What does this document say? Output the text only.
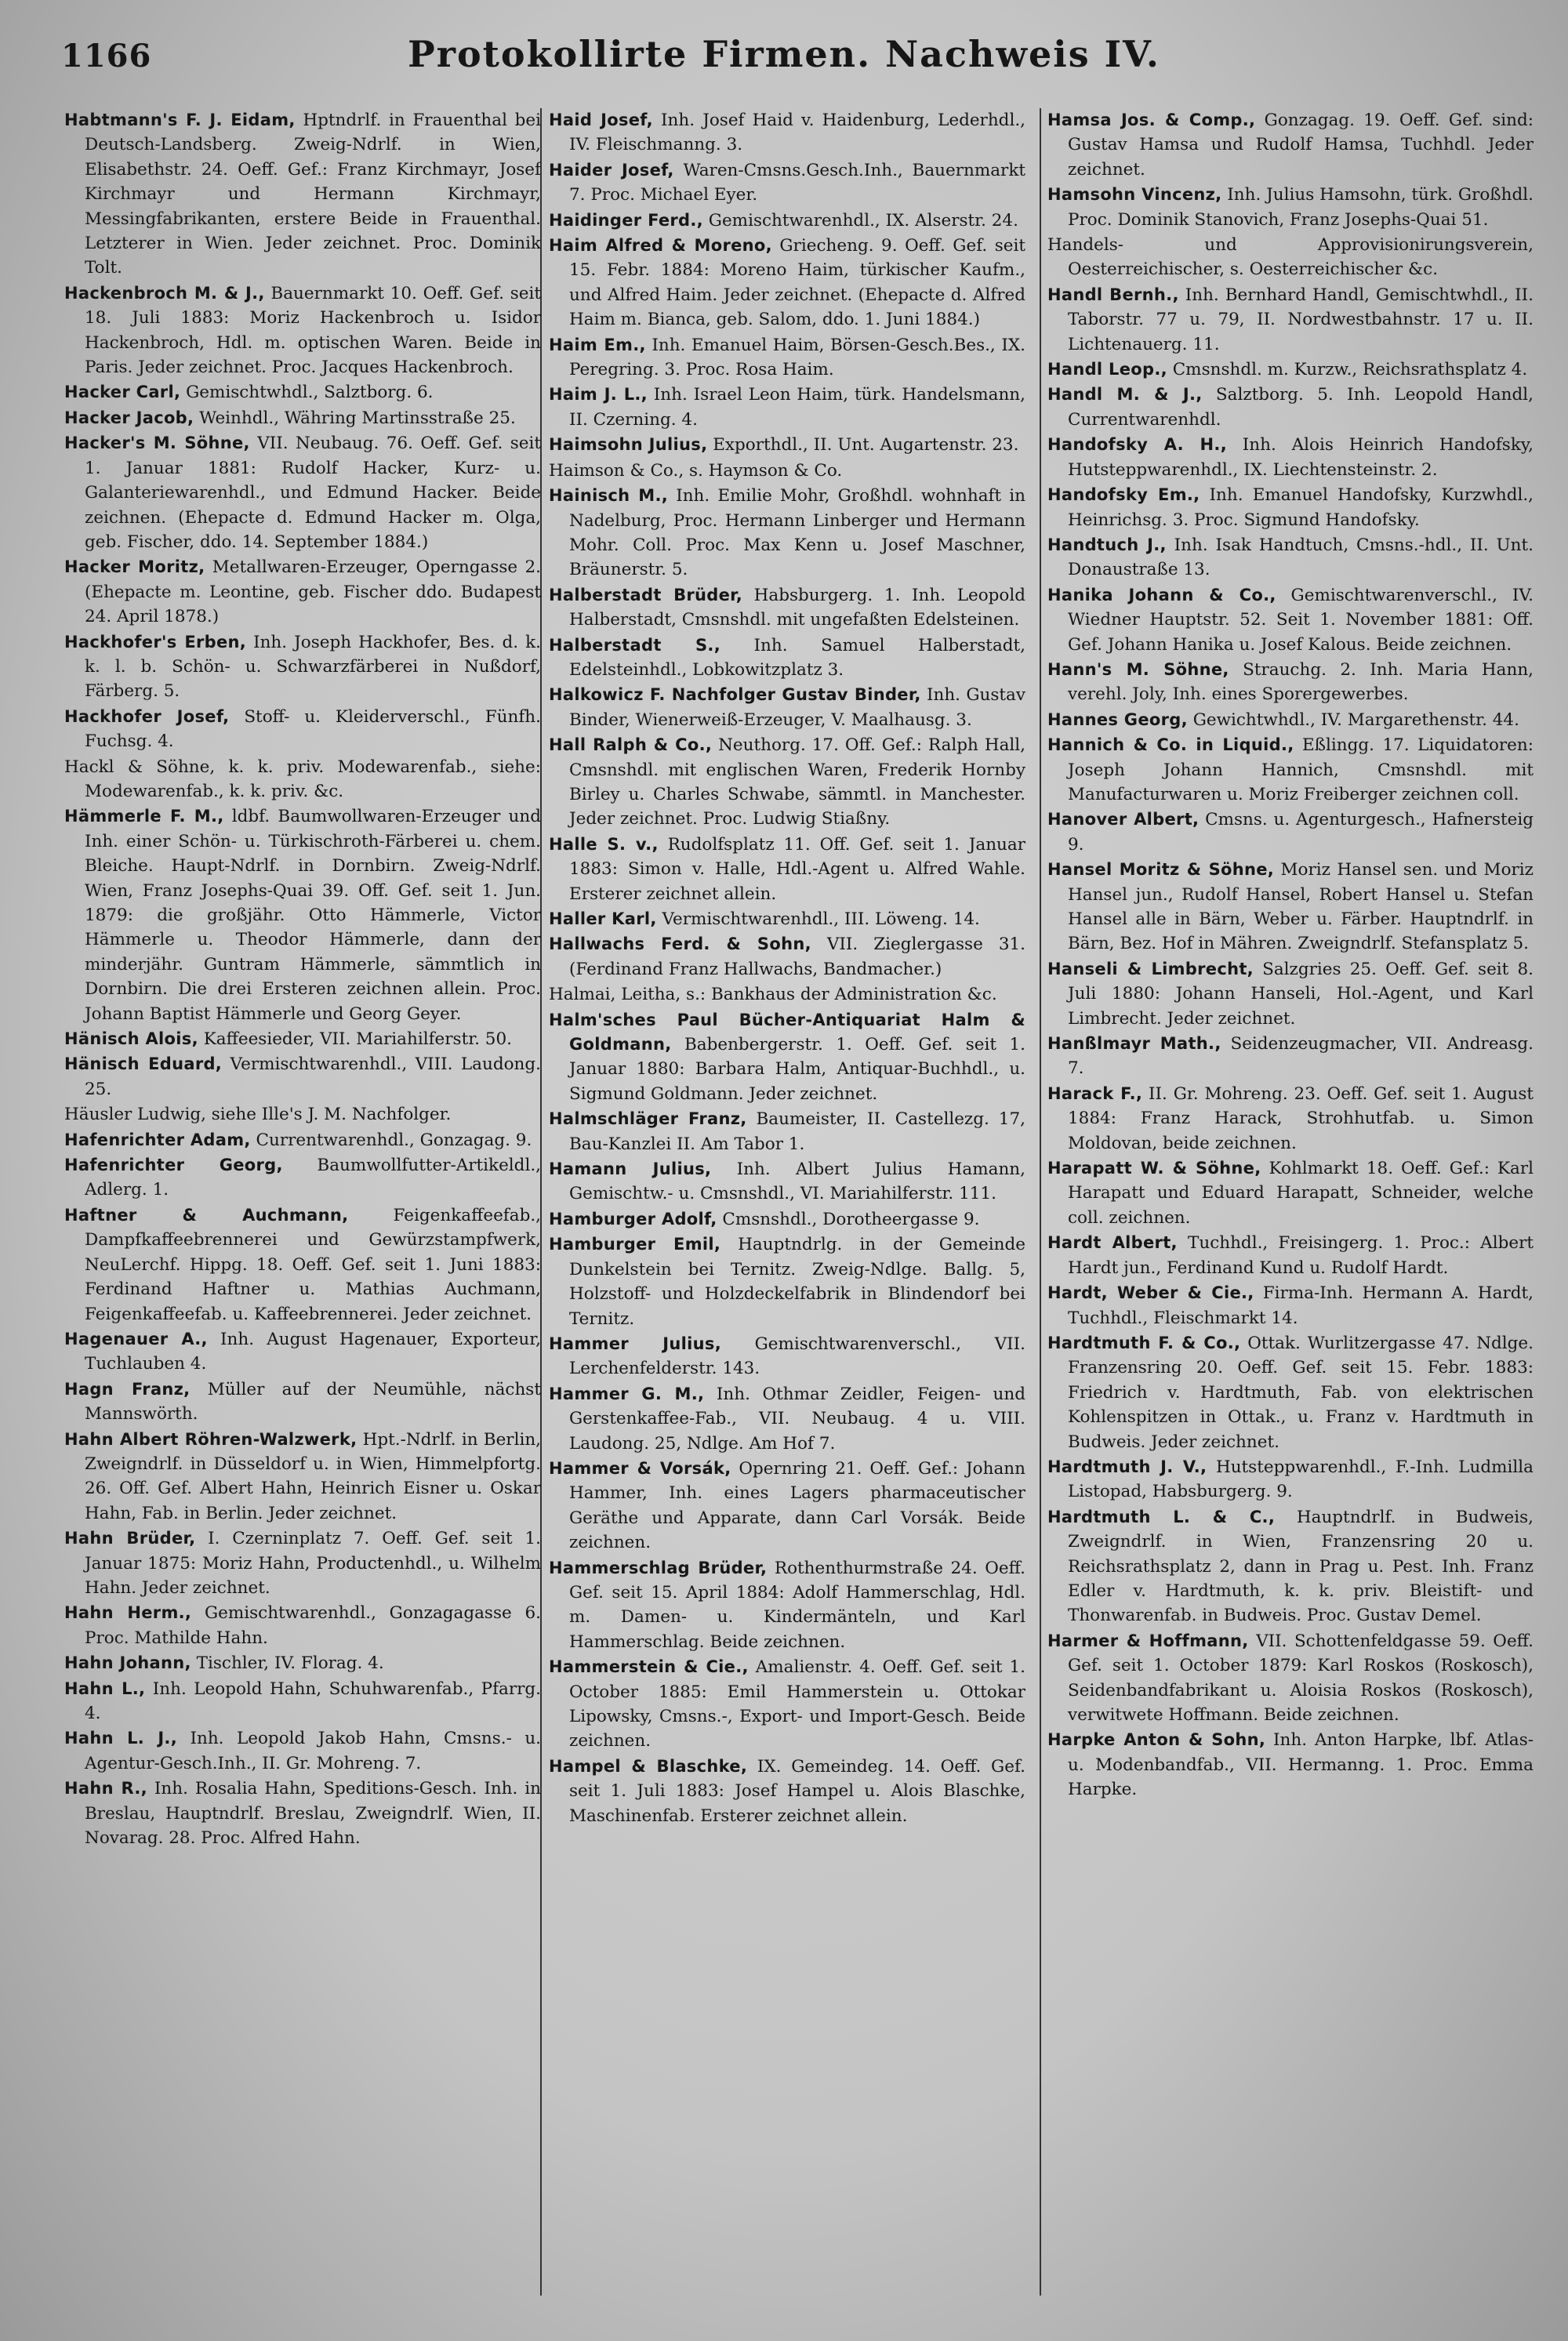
1166	Protokollirte Firmen. Nachweis IV.

Habtmann's F. J. Eidam, Hptndrlf. in Frauenthal bei Deutsch-Landsberg. Zweig-Ndrlf. in Wien, Elisabethstr. 24. Oeff. Gef.: Franz Kirchmayr, Josef Kirchmayr und Hermann Kirchmayr, Messingfabrikanten, erstere Beide in Frauenthal. Letzterer in Wien. Jeder zeichnet. Proc. Dominik Tolt.

Hackenbroch M. & J., Bauernmarkt 10. Oeff. Gef. seit 18. Juli 1883: Moriz Hackenbroch u. Isidor Hackenbroch, Hdl. m. optischen Waren. Beide in Paris. Jeder zeichnet. Proc. Jacques Hackenbroch.

Hacker Carl, Gemischtwhdl., Salztborg. 6.

Hacker Jacob, Weinhdl., Währing Martinsstraße 25.

Hacker's M. Söhne, VII. Neubaug. 76. Oeff. Gef. seit 1. Januar 1881: Rudolf Hacker, Kurz- u. Galanteriewarenhdl., und Edmund Hacker. Beide zeichnen. (Ehepacte d. Edmund Hacker m. Olga, geb. Fischer, ddo. 14. September 1884.)

Hacker Moritz, Metallwaren-Erzeuger, Operngasse 2. (Ehepacte m. Leontine, geb. Fischer ddo. Budapest 24. April 1878.)

Hackhofer's Erben, Inh. Joseph Hackhofer, Bes. d. k. k. l. b. Schön- u. Schwarzfärberei in Nußdorf, Färberg. 5.

Hackhofer Josef, Stoff- u. Kleiderverschl., Fünfh. Fuchsg. 4.

Hackl & Söhne, k. k. priv. Modewarenfab., siehe: Modewarenfab., k. k. priv. &c.

Hämmerle F. M., ldbf. Baumwollwaren-Erzeuger und Inh. einer Schön- u. Türkischroth-Färberei u. chem. Bleiche. Haupt-Ndrlf. in Dornbirn. Zweig-Ndrlf. Wien, Franz Josephs-Quai 39. Off. Gef. seit 1. Jun. 1879: die großjähr. Otto Hämmerle, Victor Hämmerle u. Theodor Hämmerle, dann der minderjähr. Guntram Hämmerle, sämmtlich in Dornbirn. Die drei Ersteren zeichnen allein. Proc. Johann Baptist Hämmerle und Georg Geyer.

Hänisch Alois, Kaffeesieder, VII. Mariahilferstr. 50.

Hänisch Eduard, Vermischtwarenhdl., VIII. Laudong. 25.

Häusler Ludwig, siehe Ille's J. M. Nachfolger.

Hafenrichter Adam, Currentwarenhdl., Gonzagag. 9.

Hafenrichter Georg, Baumwollfutter-Artikeldl., Adlerg. 1.

Haftner & Auchmann, Feigenkaffeefab., Dampfkaffeebrennerei und Gewürzstampfwerk, NeuLerchf. Hippg. 18. Oeff. Gef. seit 1. Juni 1883: Ferdinand Haftner u. Mathias Auchmann, Feigenkaffeefab. u. Kaffeebrennerei. Jeder zeichnet.

Hagenauer A., Inh. August Hagenauer, Exporteur, Tuchlauben 4.

Hagn Franz, Müller auf der Neumühle, nächst Mannswörth.

Hahn Albert Röhren-Walzwerk, Hpt.-Ndrlf. in Berlin, Zweigndrlf. in Düsseldorf u. in Wien, Himmelpfortg. 26. Off. Gef. Albert Hahn, Heinrich Eisner u. Oskar Hahn, Fab. in Berlin. Jeder zeichnet.

Hahn Brüder, I. Czerninplatz 7. Oeff. Gef. seit 1. Januar 1875: Moriz Hahn, Productenhdl., u. Wilhelm Hahn. Jeder zeichnet.

Hahn Herm., Gemischtwarenhdl., Gonzagagasse 6. Proc. Mathilde Hahn.

Hahn Johann, Tischler, IV. Florag. 4.

Hahn L., Inh. Leopold Hahn, Schuhwarenfab., Pfarrg. 4.

Hahn L. J., Inh. Leopold Jakob Hahn, Cmsns.- u. Agentur-Gesch.Inh., II. Gr. Mohreng. 7.

Hahn R., Inh. Rosalia Hahn, Speditions-Gesch. Inh. in Breslau, Hauptndrlf. Breslau, Zweigndrlf. Wien, II. Novarag. 28. Proc. Alfred Hahn.

Haid Josef, Inh. Josef Haid v. Haidenburg, Lederhdl., IV. Fleischmanng. 3.

Haider Josef, Waren-Cmsns.Gesch.Inh., Bauernmarkt 7. Proc. Michael Eyer.

Haidinger Ferd., Gemischtwarenhdl., IX. Alserstr. 24.

Haim Alfred & Moreno, Griecheng. 9. Oeff. Gef. seit 15. Febr. 1884: Moreno Haim, türkischer Kaufm., und Alfred Haim. Jeder zeichnet. (Ehepacte d. Alfred Haim m. Bianca, geb. Salom, ddo. 1. Juni 1884.)

Haim Em., Inh. Emanuel Haim, Börsen-Gesch.Bes., IX. Peregring. 3. Proc. Rosa Haim.

Haim J. L., Inh. Israel Leon Haim, türk. Handelsmann, II. Czerning. 4.

Haimsohn Julius, Exporthdl., II. Unt. Augartenstr. 23.

Haimson & Co., s. Haymson & Co.

Hainisch M., Inh. Emilie Mohr, Großhdl. wohnhaft in Nadelburg, Proc. Hermann Linberger und Hermann Mohr. Coll. Proc. Max Kenn u. Josef Maschner, Bräunerstr. 5.

Halberstadt Brüder, Habsburgerg. 1. Inh. Leopold Halberstadt, Cmsnshdl. mit ungefaßten Edelsteinen.

Halberstadt S., Inh. Samuel Halberstadt, Edelsteinhdl., Lobkowitzplatz 3.

Halkowicz F. Nachfolger Gustav Binder, Inh. Gustav Binder, Wienerweiß-Erzeuger, V. Maalhausg. 3.

Hall Ralph & Co., Neuthorg. 17. Off. Gef.: Ralph Hall, Cmsnshdl. mit englischen Waren, Frederik Hornby Birley u. Charles Schwabe, sämmtl. in Manchester. Jeder zeichnet. Proc. Ludwig Stiaßny.

Halle S. v., Rudolfsplatz 11. Off. Gef. seit 1. Januar 1883: Simon v. Halle, Hdl.-Agent u. Alfred Wahle. Ersterer zeichnet allein.

Haller Karl, Vermischtwarenhdl., III. Löweng. 14.

Hallwachs Ferd. & Sohn, VII. Zieglergasse 31. (Ferdinand Franz Hallwachs, Bandmacher.)

Halmai, Leitha, s.: Bankhaus der Administration &c.

Halm'sches Paul Bücher-Antiquariat Halm & Goldmann, Babenbergerstr. 1. Oeff. Gef. seit 1. Januar 1880: Barbara Halm, Antiquar-Buchhdl., u. Sigmund Goldmann. Jeder zeichnet.

Halmschläger Franz, Baumeister, II. Castellezg. 17, Bau-Kanzlei II. Am Tabor 1.

Hamann Julius, Inh. Albert Julius Hamann, Gemischtw.- u. Cmsnshdl., VI. Mariahilferstr. 111.

Hamburger Adolf, Cmsnshdl., Dorotheergasse 9.

Hamburger Emil, Hauptndrlg. in der Gemeinde Dunkelstein bei Ternitz. Zweig-Ndlge. Ballg. 5, Holzstoff- und Holzdeckelfabrik in Blindendorf bei Ternitz.

Hammer Julius, Gemischtwarenverschl., VII. Lerchenfelderstr. 143.

Hammer G. M., Inh. Othmar Zeidler, Feigen- und Gerstenkaffee-Fab., VII. Neubaug. 4 u. VIII. Laudong. 25, Ndlge. Am Hof 7.

Hammer & Vorsák, Opernring 21. Oeff. Gef.: Johann Hammer, Inh. eines Lagers pharmaceutischer Geräthe und Apparate, dann Carl Vorsák. Beide zeichnen.

Hammerschlag Brüder, Rothenthurmstraße 24. Oeff. Gef. seit 15. April 1884: Adolf Hammerschlag, Hdl. m. Damen- u. Kindermänteln, und Karl Hammerschlag. Beide zeichnen.

Hammerstein & Cie., Amalienstr. 4. Oeff. Gef. seit 1. October 1885: Emil Hammerstein u. Ottokar Lipowsky, Cmsns.-, Export- und Import-Gesch. Beide zeichnen.

Hampel & Blaschke, IX. Gemeindeg. 14. Oeff. Gef. seit 1. Juli 1883: Josef Hampel u. Alois Blaschke, Maschinenfab. Ersterer zeichnet allein.

Hamsa Jos. & Comp., Gonzagag. 19. Oeff. Gef. sind: Gustav Hamsa und Rudolf Hamsa, Tuchhdl. Jeder zeichnet.

Hamsohn Vincenz, Inh. Julius Hamsohn, türk. Großhdl. Proc. Dominik Stanovich, Franz Josephs-Quai 51.

Handels- und Approvisionirungsverein, Oesterreichischer, s. Oesterreichischer &c.

Handl Bernh., Inh. Bernhard Handl, Gemischtwhdl., II. Taborstr. 77 u. 79, II. Nordwestbahnstr. 17 u. II. Lichtenauerg. 11.

Handl Leop., Cmsnshdl. m. Kurzw., Reichsrathsplatz 4.

Handl M. & J., Salztborg. 5. Inh. Leopold Handl, Currentwarenhdl.

Handofsky A. H., Inh. Alois Heinrich Handofsky, Hutsteppwarenhdl., IX. Liechtensteinstr. 2.

Handofsky Em., Inh. Emanuel Handofsky, Kurzwhdl., Heinrichsg. 3. Proc. Sigmund Handofsky.

Handtuch J., Inh. Isak Handtuch, Cmsns.-hdl., II. Unt. Donaustraße 13.

Hanika Johann & Co., Gemischtwarenverschl., IV. Wiedner Hauptstr. 52. Seit 1. November 1881: Off. Gef. Johann Hanika u. Josef Kalous. Beide zeichnen.

Hann's M. Söhne, Strauchg. 2. Inh. Maria Hann, verehl. Joly, Inh. eines Sporergewerbes.

Hannes Georg, Gewichtwhdl., IV. Margarethenstr. 44.

Hannich & Co. in Liquid., Eßlingg. 17. Liquidatoren: Joseph Johann Hannich, Cmsnshdl. mit Manufacturwaren u. Moriz Freiberger zeichnen coll.

Hanover Albert, Cmsns. u. Agenturgesch., Hafnersteig 9.

Hansel Moritz & Söhne, Moriz Hansel sen. und Moriz Hansel jun., Rudolf Hansel, Robert Hansel u. Stefan Hansel alle in Bärn, Weber u. Färber. Hauptndrlf. in Bärn, Bez. Hof in Mähren. Zweigndrlf. Stefansplatz 5.

Hanseli & Limbrecht, Salzgries 25. Oeff. Gef. seit 8. Juli 1880: Johann Hanseli, Hol.-Agent, und Karl Limbrecht. Jeder zeichnet.

Hanßlmayr Math., Seidenzeugmacher, VII. Andreasg. 7.

Harack F., II. Gr. Mohreng. 23. Oeff. Gef. seit 1. August 1884: Franz Harack, Strohhutfab. u. Simon Moldovan, beide zeichnen.

Harapatt W. & Söhne, Kohlmarkt 18. Oeff. Gef.: Karl Harapatt und Eduard Harapatt, Schneider, welche coll. zeichnen.

Hardt Albert, Tuchhdl., Freisingerg. 1. Proc.: Albert Hardt jun., Ferdinand Kund u. Rudolf Hardt.

Hardt, Weber & Cie., Firma-Inh. Hermann A. Hardt, Tuchhdl., Fleischmarkt 14.

Hardtmuth F. & Co., Ottak. Wurlitzergasse 47. Ndlge. Franzensring 20. Oeff. Gef. seit 15. Febr. 1883: Friedrich v. Hardtmuth, Fab. von elektrischen Kohlenspitzen in Ottak., u. Franz v. Hardtmuth in Budweis. Jeder zeichnet.

Hardtmuth J. V., Hutsteppwarenhdl., F.-Inh. Ludmilla Listopad, Habsburgerg. 9.

Hardtmuth L. & C., Hauptndrlf. in Budweis, Zweigndrlf. in Wien, Franzensring 20 u. Reichsrathsplatz 2, dann in Prag u. Pest. Inh. Franz Edler v. Hardtmuth, k. k. priv. Bleistift- und Thonwarenfab. in Budweis. Proc. Gustav Demel.

Harmer & Hoffmann, VII. Schottenfeldgasse 59. Oeff. Gef. seit 1. October 1879: Karl Roskos (Roskosch), Seidenbandfabrikant u. Aloisia Roskos (Roskosch), verwitwete Hoffmann. Beide zeichnen.

Harpke Anton & Sohn, Inh. Anton Harpke, lbf. Atlas- u. Modenbandfab., VII. Hermanng. 1. Proc. Emma Harpke.
